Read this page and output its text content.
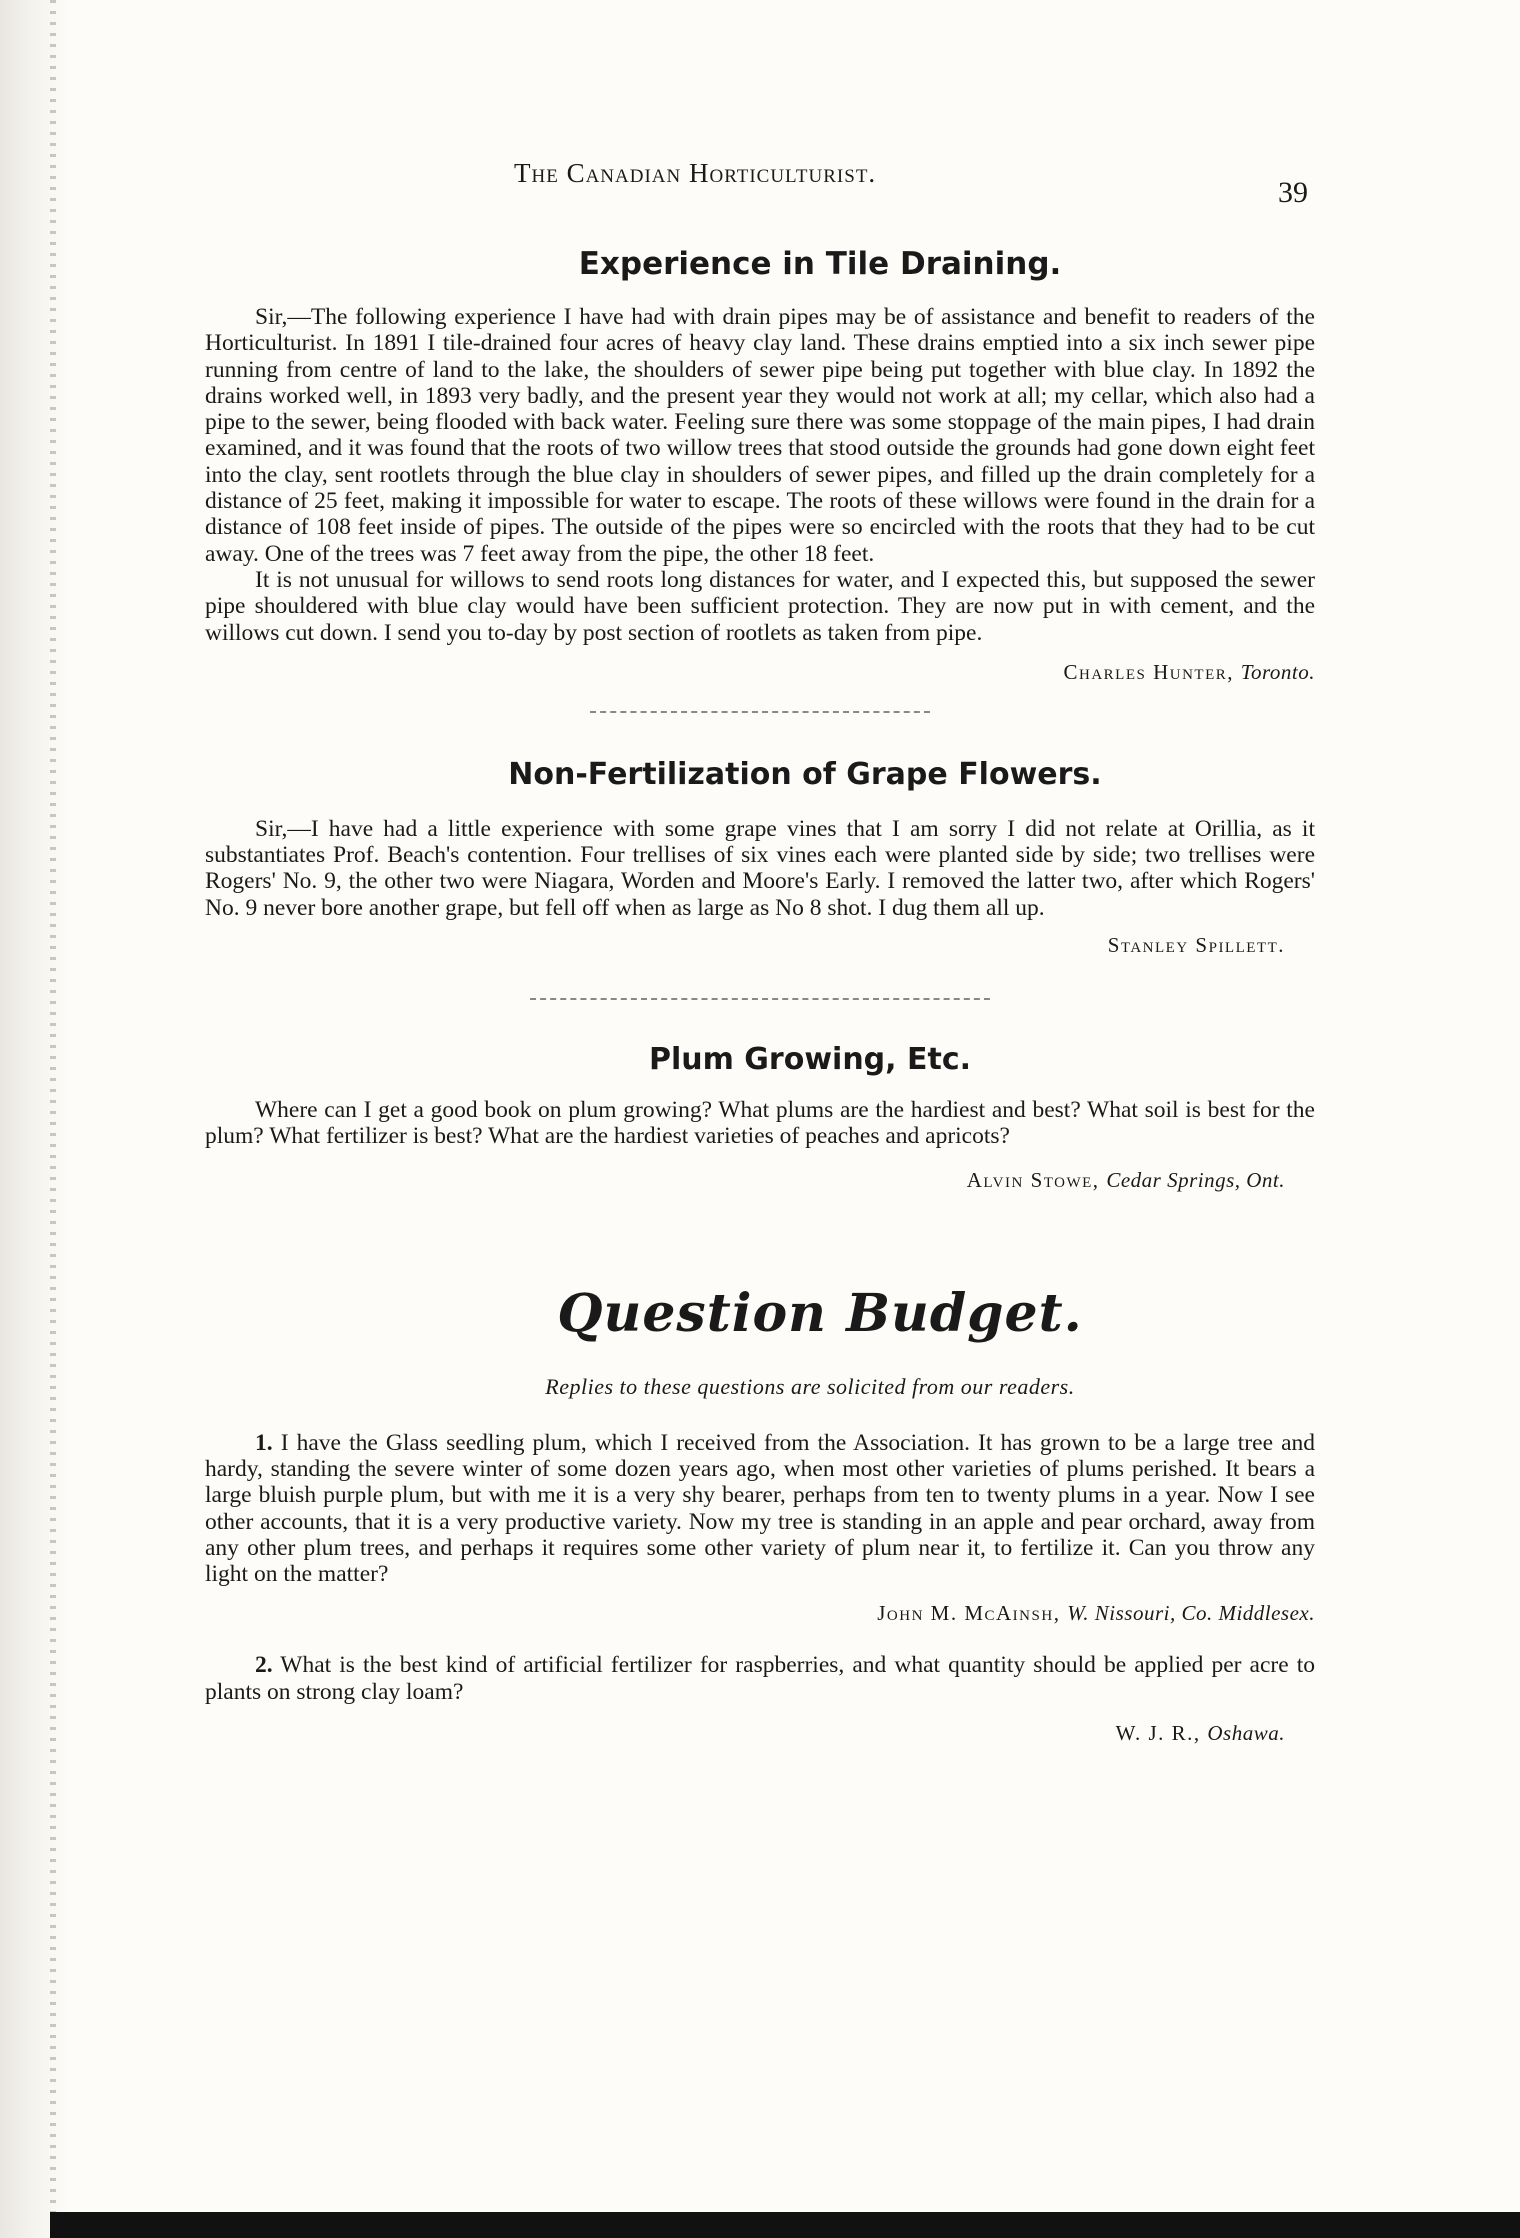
The Canadian Horticulturist.
39
Experience in Tile Draining.

Sir,—The following experience I have had with drain pipes may be of assistance and benefit to readers of the Horticulturist. In 1891 I tile-drained four acres of heavy clay land. These drains emptied into a six inch sewer pipe running from centre of land to the lake, the shoulders of sewer pipe being put together with blue clay. In 1892 the drains worked well, in 1893 very badly, and the present year they would not work at all; my cellar, which also had a pipe to the sewer, being flooded with back water. Feeling sure there was some stoppage of the main pipes, I had drain examined, and it was found that the roots of two willow trees that stood outside the grounds had gone down eight feet into the clay, sent rootlets through the blue clay in shoulders of sewer pipes, and filled up the drain completely for a distance of 25 feet, making it impossible for water to escape. The roots of these willows were found in the drain for a distance of 108 feet inside of pipes. The outside of the pipes were so encircled with the roots that they had to be cut away. One of the trees was 7 feet away from the pipe, the other 18 feet.

It is not unusual for willows to send roots long distances for water, and I expected this, but supposed the sewer pipe shouldered with blue clay would have been sufficient protection. They are now put in with cement, and the willows cut down. I send you to-day by post section of rootlets as taken from pipe.

Charles Hunter, Toronto.
Non-Fertilization of Grape Flowers.

Sir,—I have had a little experience with some grape vines that I am sorry I did not relate at Orillia, as it substantiates Prof. Beach's contention. Four trellises of six vines each were planted side by side; two trellises were Rogers' No. 9, the other two were Niagara, Worden and Moore's Early. I removed the latter two, after which Rogers' No. 9 never bore another grape, but fell off when as large as No 8 shot. I dug them all up.

Stanley Spillett.
Plum Growing, Etc.

Where can I get a good book on plum growing? What plums are the hardiest and best? What soil is best for the plum? What fertilizer is best? What are the hardiest varieties of peaches and apricots?

Alvin Stowe, Cedar Springs, Ont.
Question Budget.
Replies to these questions are solicited from our readers.

1. I have the Glass seedling plum, which I received from the Association. It has grown to be a large tree and hardy, standing the severe winter of some dozen years ago, when most other varieties of plums perished. It bears a large bluish purple plum, but with me it is a very shy bearer, perhaps from ten to twenty plums in a year. Now I see other accounts, that it is a very productive variety. Now my tree is standing in an apple and pear orchard, away from any other plum trees, and perhaps it requires some other variety of plum near it, to fertilize it. Can you throw any light on the matter?

John M. McAinsh, W. Nissouri, Co. Middlesex.

2. What is the best kind of artificial fertilizer for raspberries, and what quantity should be applied per acre to plants on strong clay loam?

W. J. R., Oshawa.
